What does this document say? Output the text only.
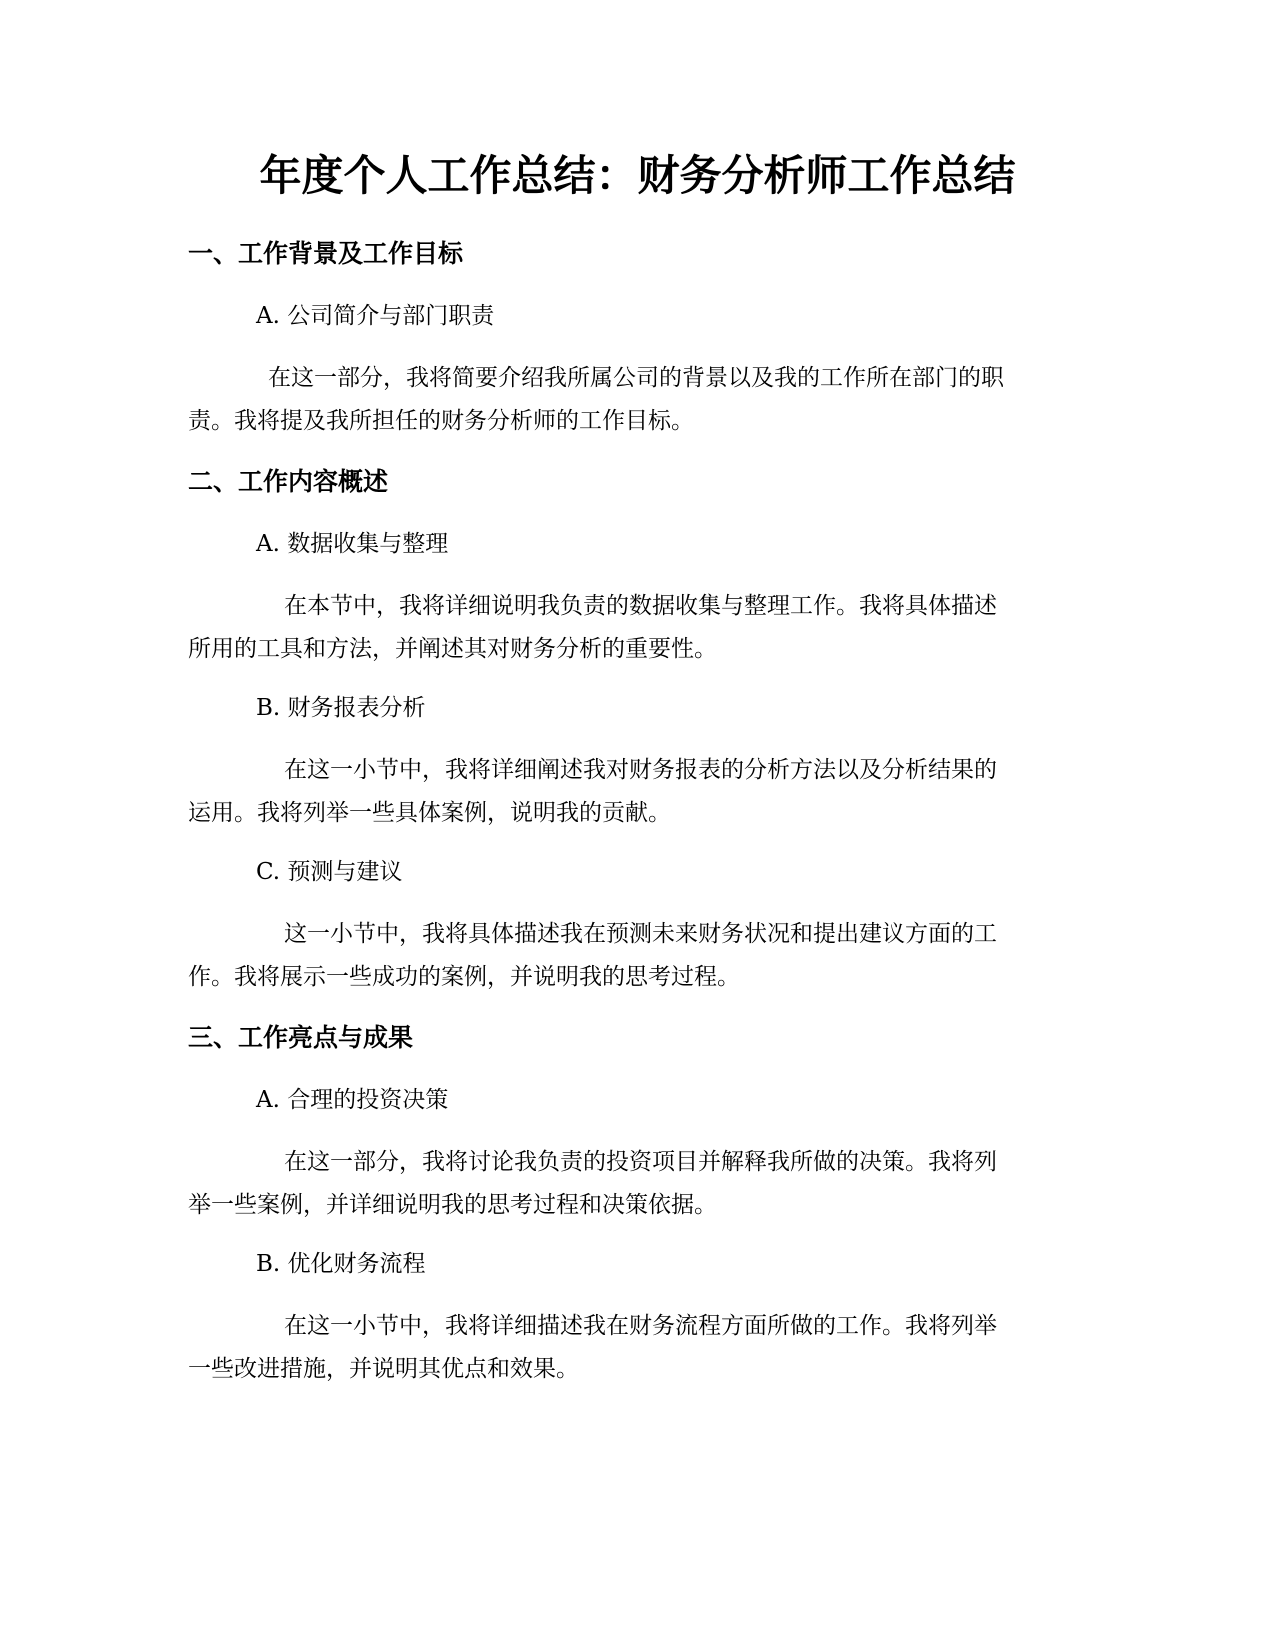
年度个人工作总结：财务分析师工作总结
一、工作背景及工作目标

A. 公司简介与部门职责

在这一部分，我将简要介绍我所属公司的背景以及我的工作所在部门的职
责。我将提及我所担任的财务分析师的工作目标。

二、工作内容概述

A. 数据收集与整理

在本节中，我将详细说明我负责的数据收集与整理工作。我将具体描述
所用的工具和方法，并阐述其对财务分析的重要性。

B. 财务报表分析

在这一小节中，我将详细阐述我对财务报表的分析方法以及分析结果的
运用。我将列举一些具体案例，说明我的贡献。

C. 预测与建议

这一小节中，我将具体描述我在预测未来财务状况和提出建议方面的工
作。我将展示一些成功的案例，并说明我的思考过程。

三、工作亮点与成果

A. 合理的投资决策

在这一部分，我将讨论我负责的投资项目并解释我所做的决策。我将列
举一些案例，并详细说明我的思考过程和决策依据。

B. 优化财务流程

在这一小节中，我将详细描述我在财务流程方面所做的工作。我将列举
一些改进措施，并说明其优点和效果。
